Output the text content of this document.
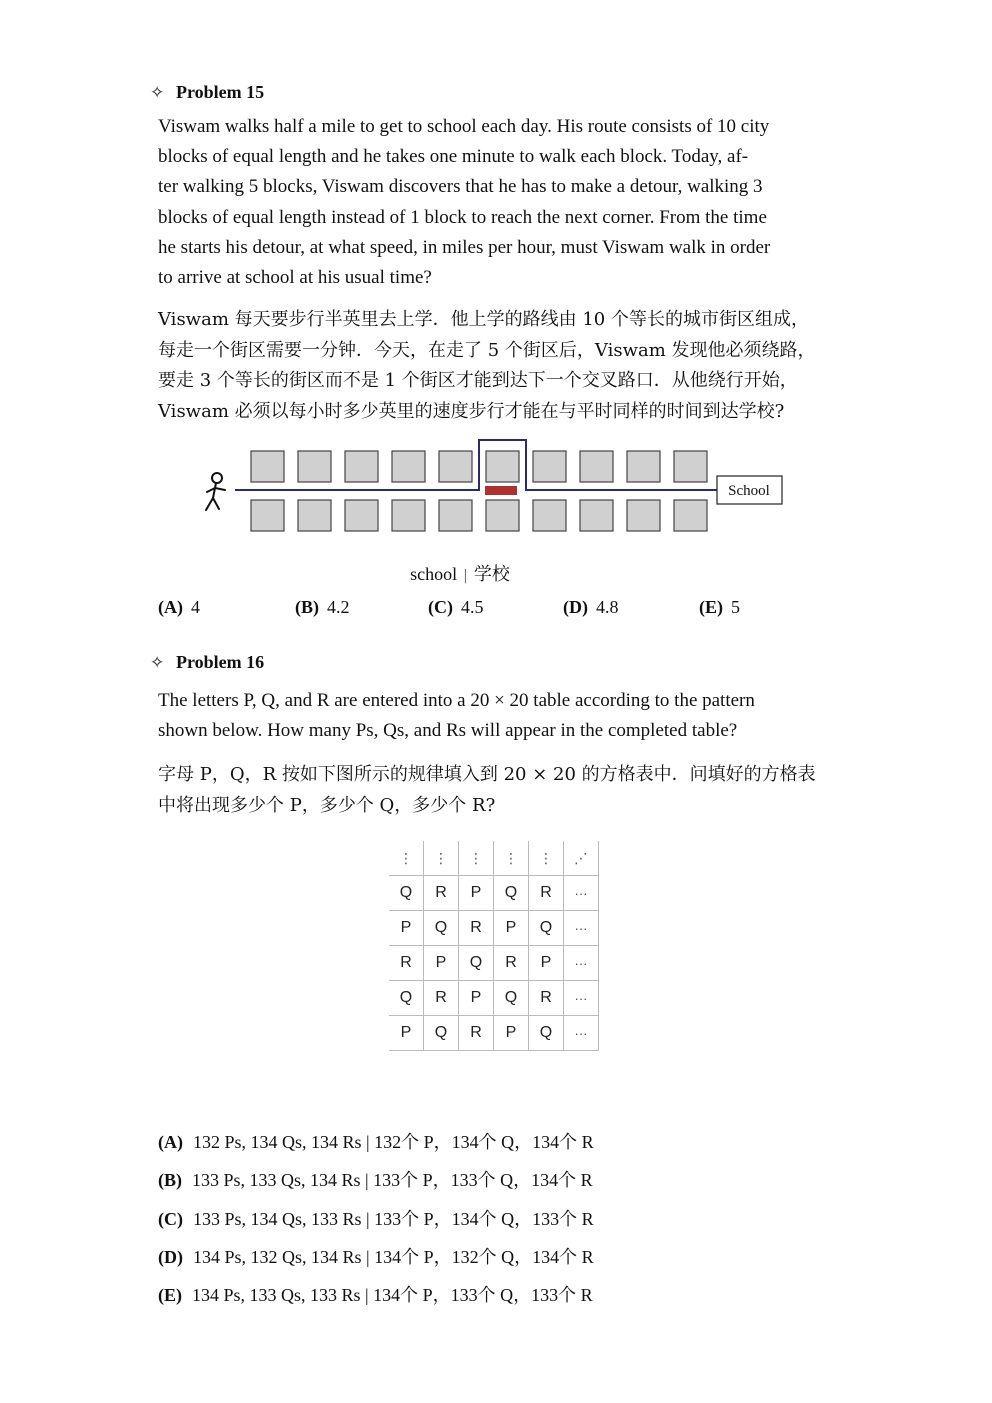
✧ Problem 15
Viswam walks half a mile to get to school each day. His route consists of 10 city
blocks of equal length and he takes one minute to walk each block. Today, af-
ter walking 5 blocks, Viswam discovers that he has to make a detour, walking 3
blocks of equal length instead of 1 block to reach the next corner. From the time
he starts his detour, at what speed, in miles per hour, must Viswam walk in order
to arrive at school at his usual time?
Viswam 每天要步行半英里去上学．他上学的路线由 10 个等长的城市街区组成，
每走一个街区需要一分钟．今天，在走了 5 个街区后，Viswam 发现他必须绕路，
要走 3 个等长的街区而不是 1 个街区才能到达下一个交叉路口．从他绕行开始，
Viswam 必须以每小时多少英里的速度步行才能在与平时同样的时间到达学校?
School
school | 学校
(A) 4	(B) 4.2	(C) 4.5	(D) 4.8	(E) 5
✧ Problem 16
The letters P, Q, and R are entered into a 20 × 20 table according to the pattern
shown below. How many Ps, Qs, and Rs will appear in the completed table?
字母 P，Q，R 按如下图所示的规律填入到 20 × 20 的方格表中．问填好的方格表
中将出现多少个 P，多少个 Q，多少个 R?
⋮	⋮	⋮	⋮	⋮	⋰
Q	R	P	Q	R	···
P	Q	R	P	Q	···
R	P	Q	R	P	···
Q	R	P	Q	R	···
P	Q	R	P	Q	···
(A) 132 Ps, 134 Qs, 134 Rs | 132个 P，134个 Q，134个 R
(B) 133 Ps, 133 Qs, 134 Rs | 133个 P，133个 Q，134个 R
(C) 133 Ps, 134 Qs, 133 Rs | 133个 P，134个 Q，133个 R
(D) 134 Ps, 132 Qs, 134 Rs | 134个 P，132个 Q，134个 R
(E) 134 Ps, 133 Qs, 133 Rs | 134个 P，133个 Q，133个 R
